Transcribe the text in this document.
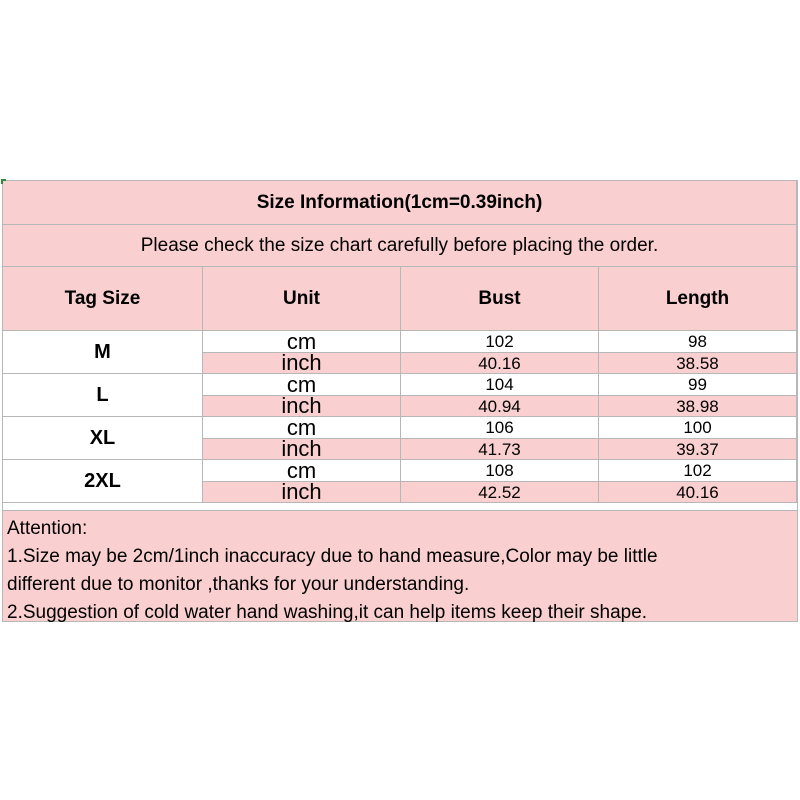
Size Information(1cm=0.39inch)
Please check the size chart carefully before placing the order.
Tag Size	Unit	Bust	Length
M	cm	102	98
inch	40.16	38.58
L	cm	104	99
inch	40.94	38.98
XL	cm	106	100
inch	41.73	39.37
2XL	cm	108	102
inch	42.52	40.16
Attention:
1.Size may be 2cm/1inch inaccuracy due to hand measure,Color may be little
different due to monitor ,thanks for your understanding.
2.Suggestion of cold water hand washing,it can help items keep their shape.
